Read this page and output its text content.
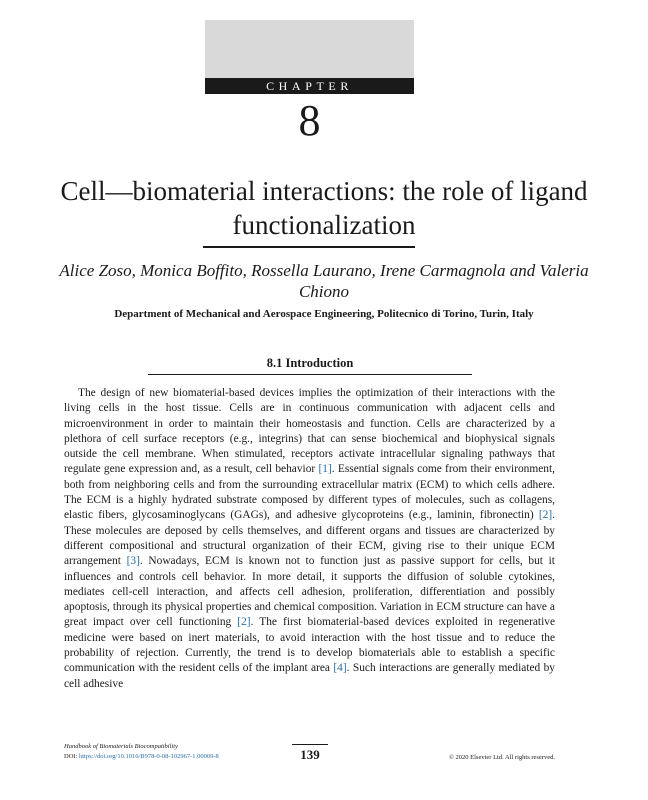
CHAPTER
8
Cell—biomaterial interactions: the role of ligand functionalization
Alice Zoso, Monica Boffito, Rossella Laurano, Irene Carmagnola and Valeria Chiono
Department of Mechanical and Aerospace Engineering, Politecnico di Torino, Turin, Italy
8.1 Introduction

The design of new biomaterial-based devices implies the optimization of their interactions with the living cells in the host tissue. Cells are in continuous communication with adjacent cells and microenvironment in order to maintain their homeostasis and function. Cells are characterized by a plethora of cell surface receptors (e.g., integrins) that can sense biochemical and biophysical signals outside the cell membrane. When stimulated, receptors activate intracellular signaling pathways that regulate gene expression and, as a result, cell behavior [1]. Essential signals come from their environment, both from neighboring cells and from the surrounding extracellular matrix (ECM) to which cells adhere. The ECM is a highly hydrated substrate composed by different types of molecules, such as collagens, elastic fibers, glycosaminoglycans (GAGs), and adhesive glycoproteins (e.g., laminin, fibronectin) [2]. These molecules are deposed by cells themselves, and different organs and tissues are characterized by different compositional and structural organization of their ECM, giving rise to their unique ECM arrangement [3]. Nowadays, ECM is known not to function just as passive support for cells, but it influences and controls cell behavior. In more detail, it supports the diffusion of soluble cytokines, mediates cell-cell interaction, and affects cell adhesion, proliferation, differentiation and possibly apoptosis, through its physical properties and chemical composition. Variation in ECM structure can have a great impact over cell functioning [2]. The first biomaterial-based devices exploited in regenerative medicine were based on inert materials, to avoid interaction with the host tissue and to reduce the probability of rejection. Currently, the trend is to develop biomaterials able to establish a specific communication with the resident cells of the implant area [4]. Such interactions are generally mediated by cell adhesive

Handbook of Biomaterials Biocompatibility
DOI: https://doi.org/10.1016/B978-0-08-102967-1.00009-8	139	© 2020 Elsevier Ltd. All rights reserved.
